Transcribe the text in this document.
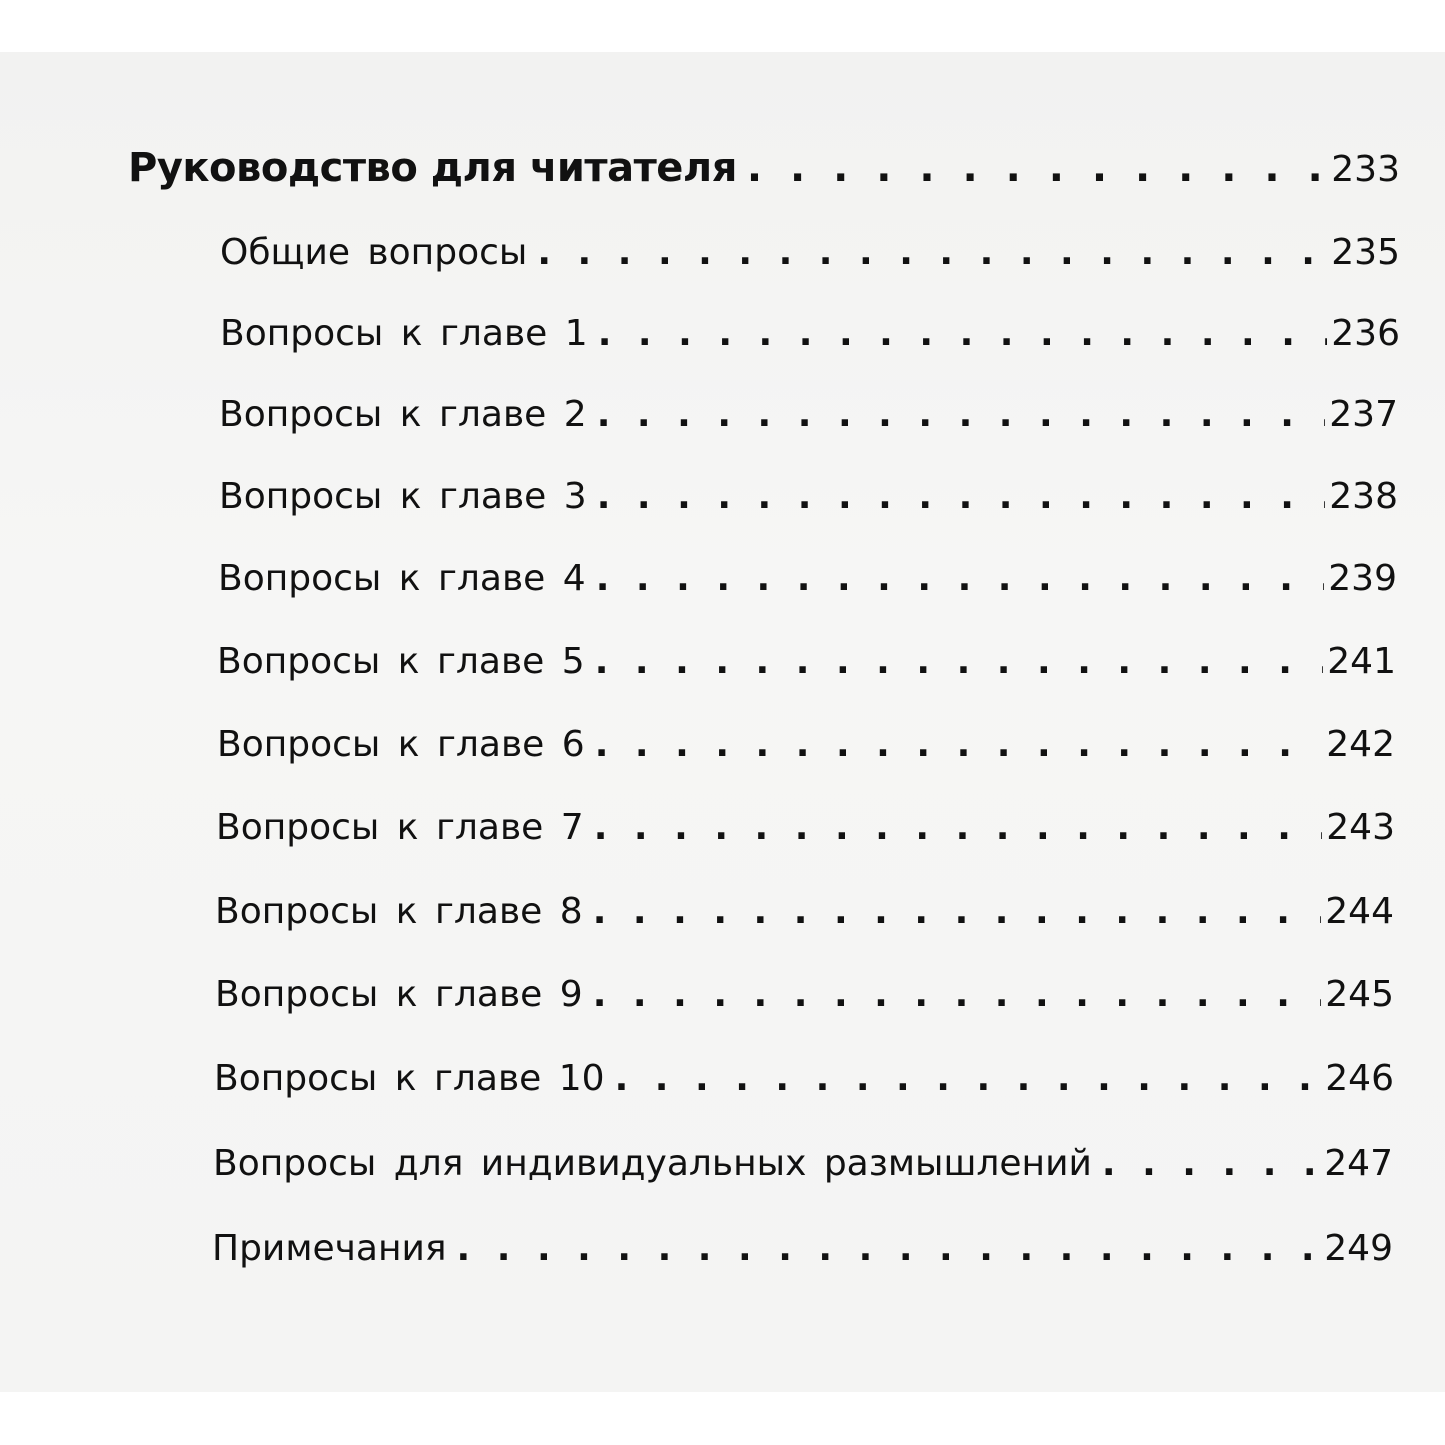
Руководство для читателя . . .	233
Общие вопросы . . .	235
Вопросы к главе 1 . . .	236
Вопросы к главе 2 . . .	237
Вопросы к главе 3 . . .	238
Вопросы к главе 4 . . .	239
Вопросы к главе 5 . . .	241
Вопросы к главе 6 . . .	242
Вопросы к главе 7 . . .	243
Вопросы к главе 8 . . .	244
Вопросы к главе 9 . . .	245
Вопросы к главе 10 . . .	246
Вопросы для индивидуальных размышлений . . .	247
Примечания . . .	249
